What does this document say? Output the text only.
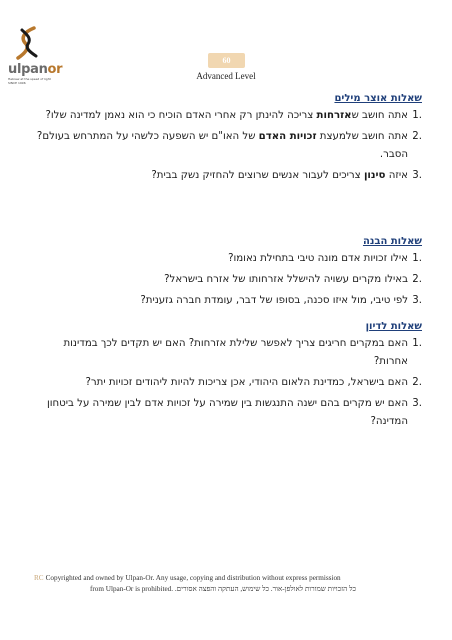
ulpanor
Hebrew at the speed of light
SINCE 1996
60
Advanced Level
שאלות אוצר מילים
.1
אתה חושב שאזרחות צריכה להינתן רק אחרי האדם הוכיח כי הוא נאמן למדינה שלו?
.2
אתה חושב שלמעצת זכויות האדם של האו"ם יש השפעה כלשהי על המתרחש בעולם? הסבר.
.3
איזה סינון צריכים לעבור אנשים שרוצים להחזיק נשק בבית?
שאלות הבנה
.1
אילו זכויות אדם מונה טיבי בתחילת נאומו?
.2
באילו מקרים עשויה להישלל אזרחותו של אזרח בישראל?
.3
לפי טיבי, מול איזו סכנה, בסופו של דבר, עומדת חברה גזענית?
שאלות לדיון
.1
האם במקרים חריגים צריך לאפשר שלילת אזרחות? האם יש תקדים לכך במדינות אחרות?
.2
האם בישראל, כמדינת הלאום היהודי, אכן צריכות להיות ליהודים זכויות יתר?
.3
האם יש מקרים בהם ישנה התנגשות בין שמירה על זכויות אדם לבין שמירה על ביטחון המדינה?
RC Copyrighted and owned by Ulpan-Or. Any usage, copying and distribution without express permission
from Ulpan-Or is prohibited. כל הזכויות שמורות לאולפן-אור. כל שימוש, העתקה והפצה אסורים.
